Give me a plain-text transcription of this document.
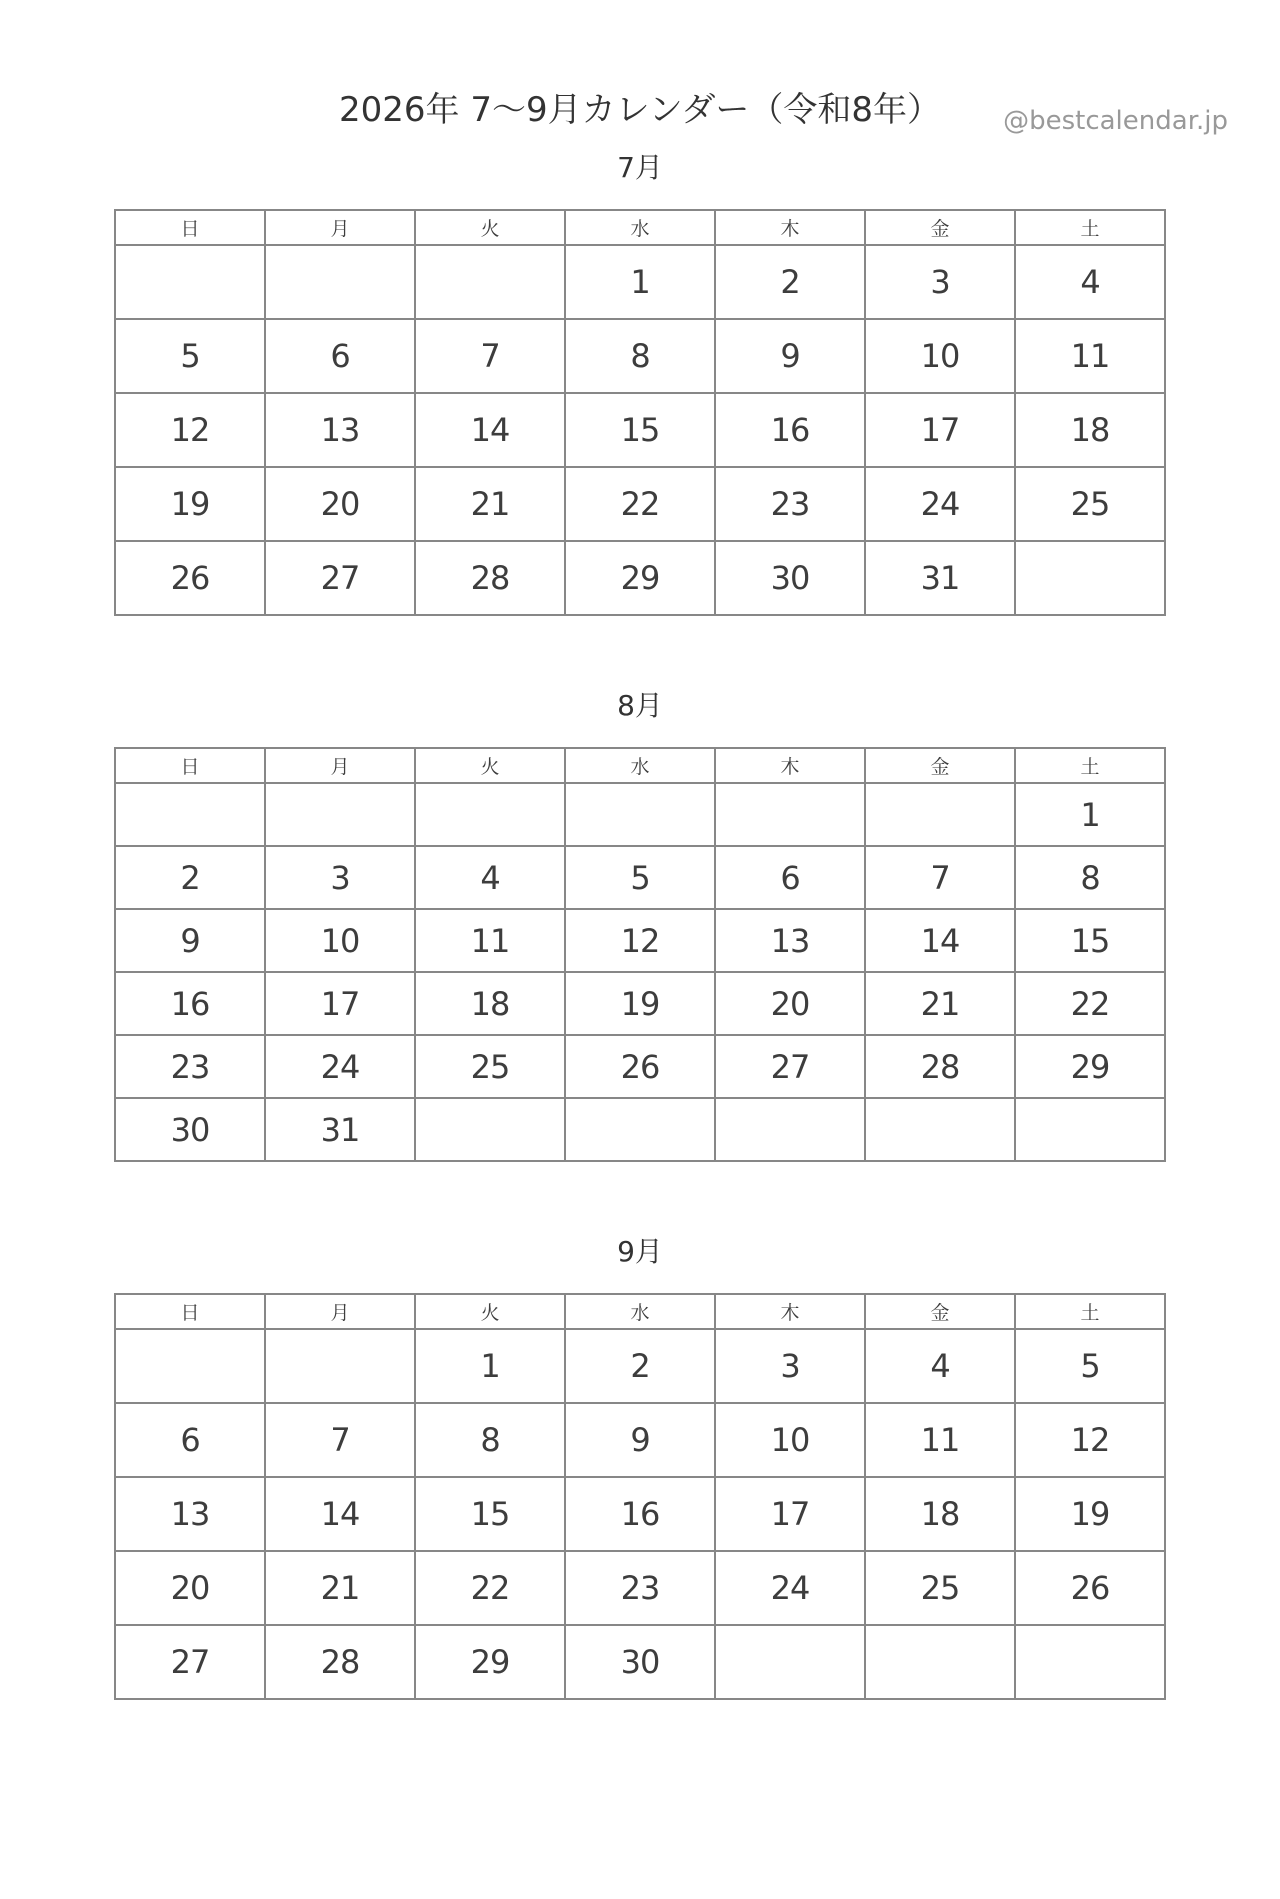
@bestcalendar.jp
2026年 7〜9月カレンダー（令和8年）
7月
日	月	火	水	木	金	土
			1	2	3	4
5	6	7	8	9	10	11
12	13	14	15	16	17	18
19	20	21	22	23	24	25
26	27	28	29	30	31	
8月
日	月	火	水	木	金	土
						1
2	3	4	5	6	7	8
9	10	11	12	13	14	15
16	17	18	19	20	21	22
23	24	25	26	27	28	29
30	31					
9月
日	月	火	水	木	金	土
		1	2	3	4	5
6	7	8	9	10	11	12
13	14	15	16	17	18	19
20	21	22	23	24	25	26
27	28	29	30			
